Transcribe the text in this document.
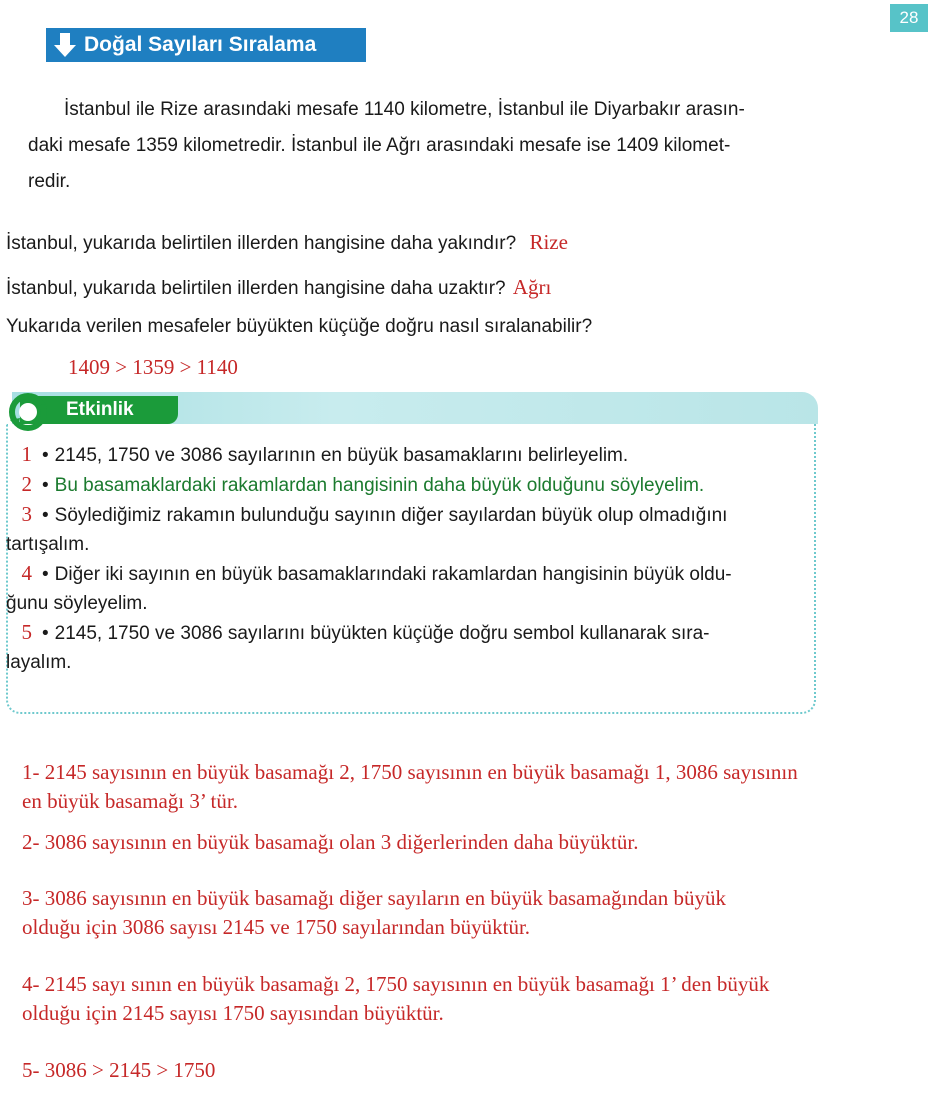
28
Doğal Sayıları Sıralama
İstanbul ile Rize arasındaki mesafe 1140 kilometre, İstanbul ile Diyarbakır arasın-
daki mesafe 1359 kilometredir. İstanbul ile Ağrı arasındaki mesafe ise 1409 kilomet-
redir.
İstanbul, yukarıda belirtilen illerden hangisine daha yakındır? Rize
İstanbul, yukarıda belirtilen illerden hangisine daha uzaktır? Ağrı
Yukarıda verilen mesafeler büyükten küçüğe doğru nasıl sıralanabilir?
1409 > 1359 > 1140
Etkinlik
1 • 2145, 1750 ve 3086 sayılarının en büyük basamaklarını belirleyelim.
2 • Bu basamaklardaki rakamlardan hangisinin daha büyük olduğunu söyleyelim.
3 • Söylediğimiz rakamın bulunduğu sayının diğer sayılardan büyük olup olmadığını
tartışalım.
4 • Diğer iki sayının en büyük basamaklarındaki rakamlardan hangisinin büyük oldu-
ğunu söyleyelim.
5 • 2145, 1750 ve 3086 sayılarını büyükten küçüğe doğru sembol kullanarak sıra-
layalım.
1- 2145 sayısının en büyük basamağı 2, 1750 sayısının en büyük basamağı 1, 3086 sayısının
en büyük basamağı 3’ tür.
2- 3086 sayısının en büyük basamağı olan 3 diğerlerinden daha büyüktür.
3- 3086 sayısının en büyük basamağı diğer sayıların en büyük basamağından büyük
olduğu için 3086 sayısı 2145 ve 1750 sayılarından büyüktür.
4- 2145 sayı sının en büyük basamağı 2, 1750 sayısının en büyük basamağı 1’ den büyük
olduğu için 2145 sayısı 1750 sayısından büyüktür.
5- 3086 > 2145 > 1750
